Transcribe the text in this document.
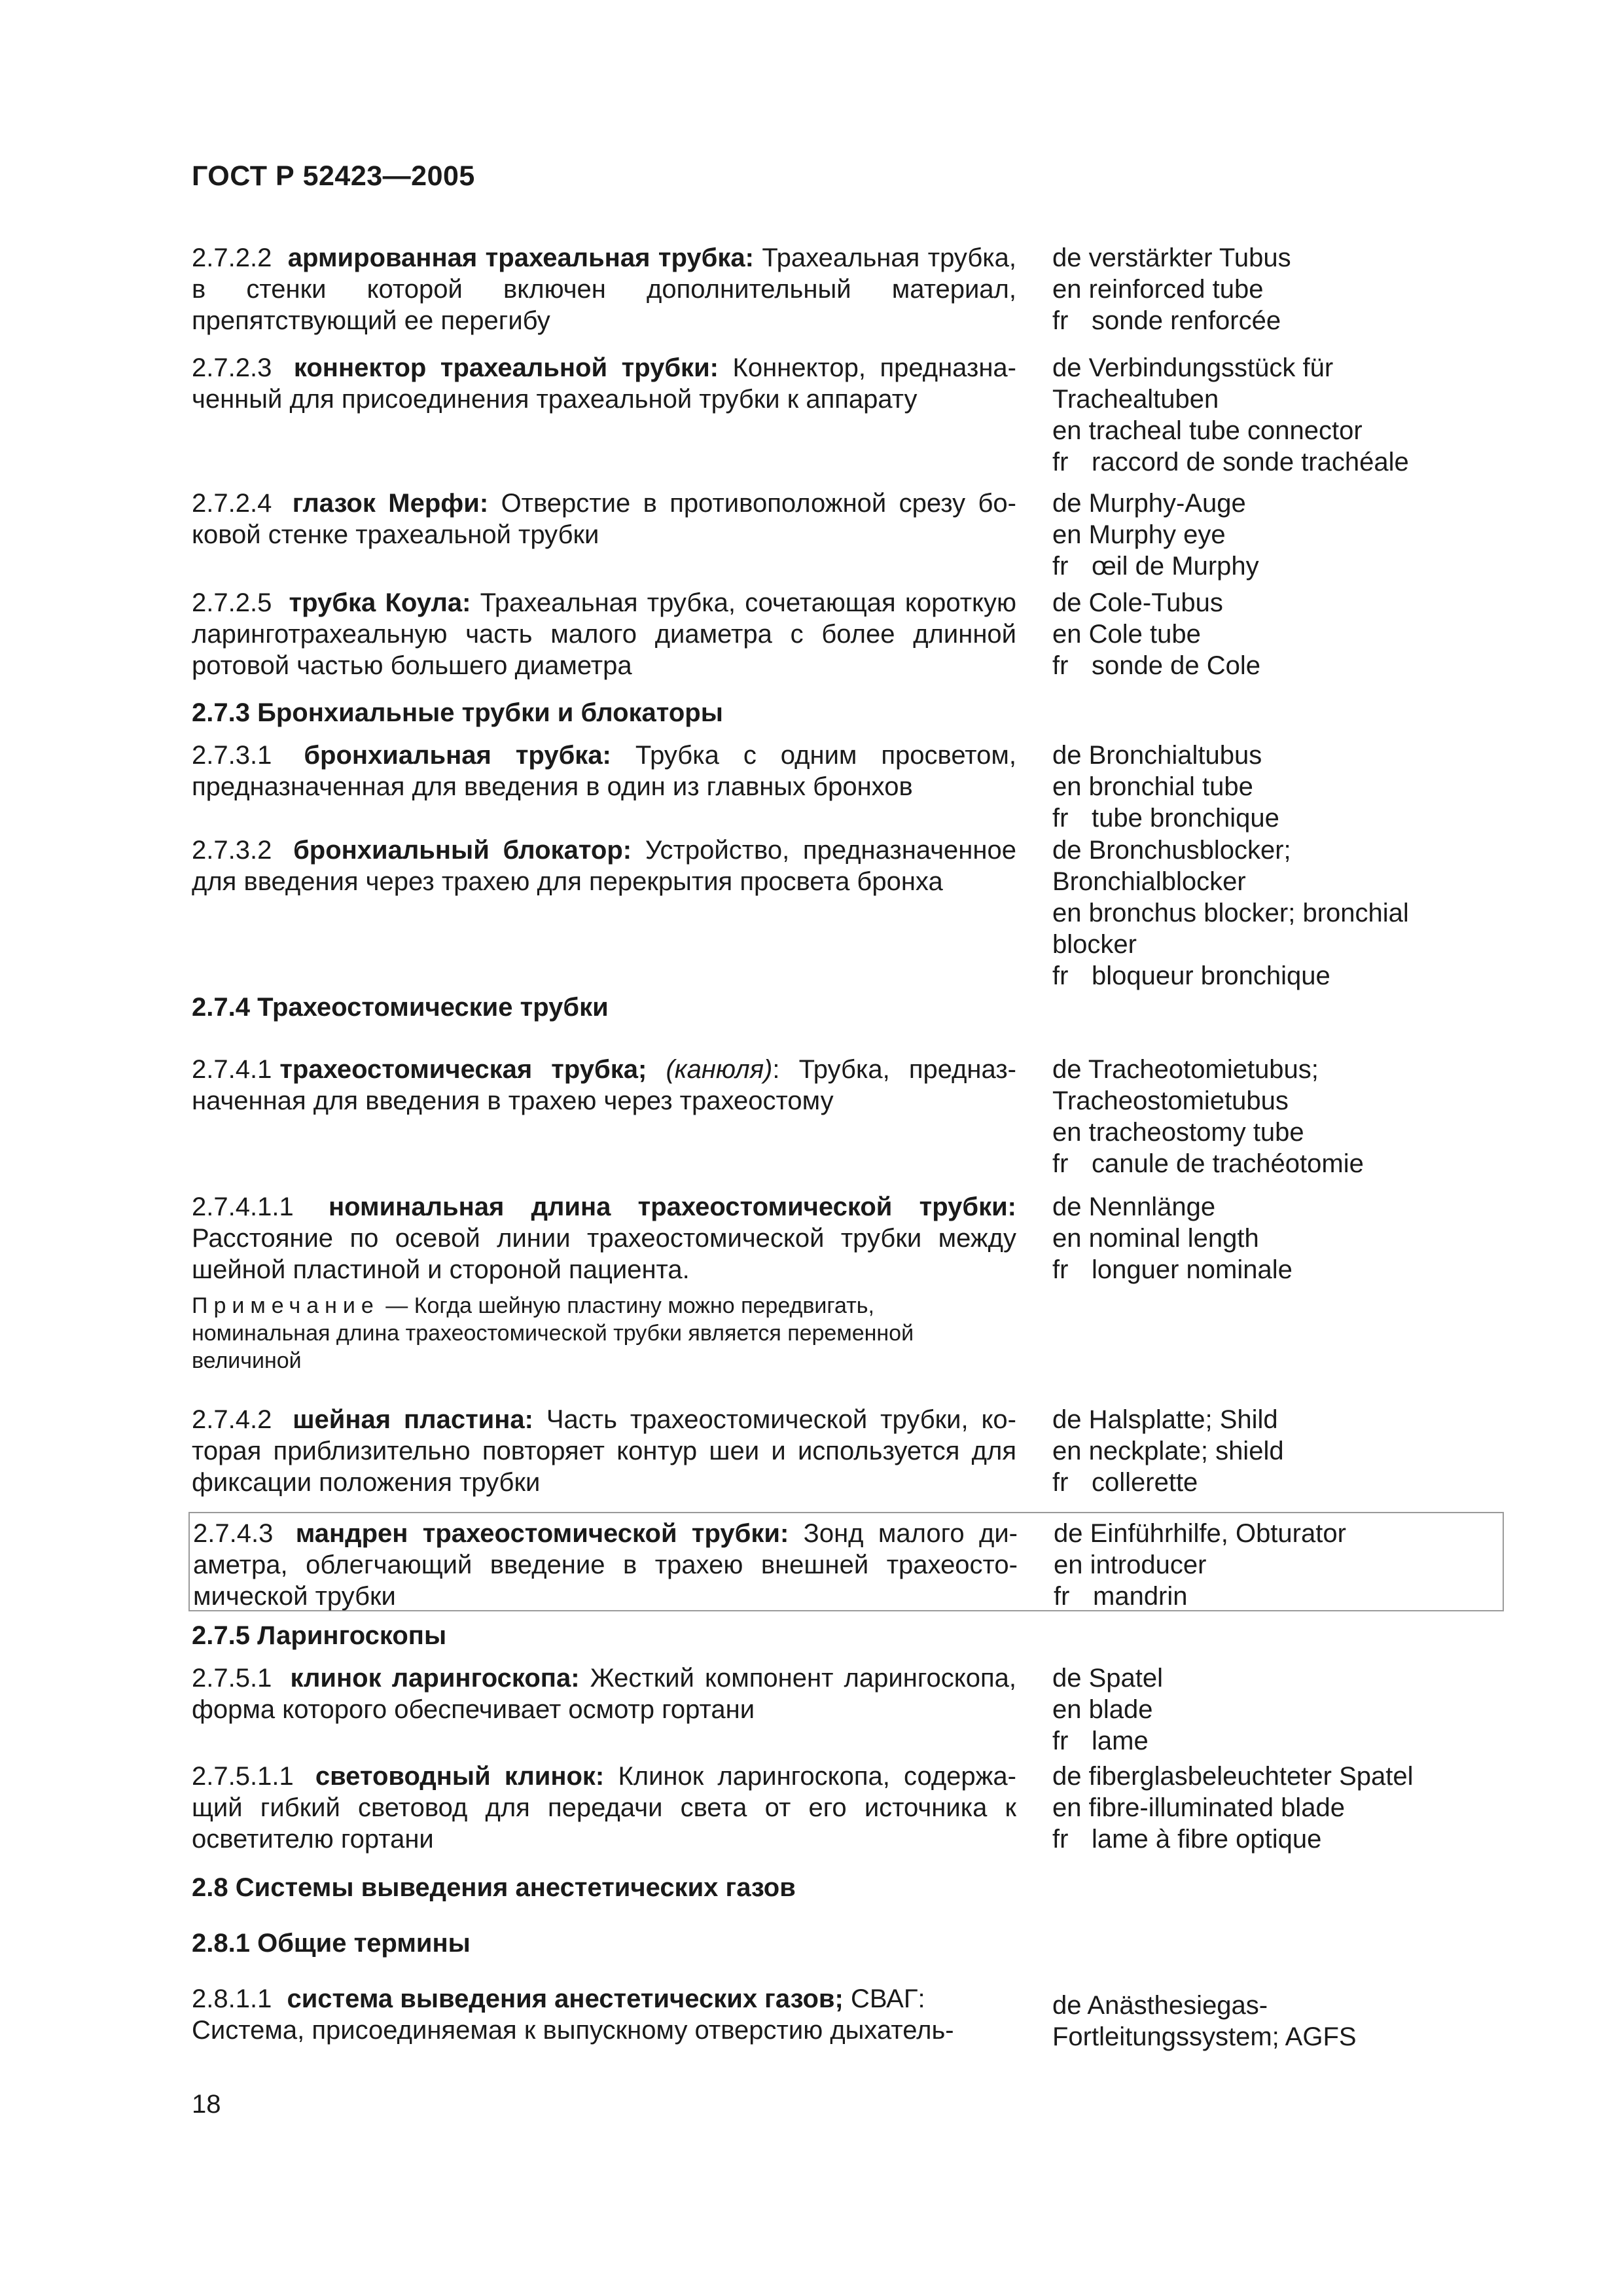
ГОСТ Р 52423—2005
2.7.2.2 армированная трахеальная трубка: Трахеальная трубка, в стенки которой включен дополнительный материал, препятствующий ее перегибу
de verstärkter Tubus
en reinforced tube
fr sonde renforcée
2.7.2.3 коннектор трахеальной трубки: Коннектор, предназначенный для присоединения трахеальной трубки к аппарату
de Verbindungsstück für
Trachealtuben
en tracheal tube connector
fr raccord de sonde trachéale
2.7.2.4 глазок Мерфи: Отверстие в противоположной срезу боковой стенке трахеальной трубки
de Murphy-Auge
en Murphy eye
fr œil de Murphy
2.7.2.5 трубка Коула: Трахеальная трубка, сочетающая короткую ларинготрахеальную часть малого диаметра с более длинной ротовой частью большего диаметра
de Cole-Tubus
en Cole tube
fr sonde de Cole
2.7.3 Бронхиальные трубки и блокаторы
2.7.3.1 бронхиальная трубка: Трубка с одним просветом, предназначенная для введения в один из главных бронхов
de Bronchialtubus
en bronchial tube
fr tube bronchique
2.7.3.2 бронхиальный блокатор: Устройство, предназначенное для введения через трахею для перекрытия просвета бронха
de Bronchusblocker;
Bronchialblocker
en bronchus blocker; bronchial
blocker
fr bloqueur bronchique
2.7.4 Трахеостомические трубки
2.7.4.1 трахеостомическая трубка; (канюля): Трубка, предназначенная для введения в трахею через трахеостому
de Tracheotomietubus;
Tracheostomietubus
en tracheostomy tube
fr canule de trachéotomie
2.7.4.1.1 номинальная длина трахеостомической трубки: Расстояние по осевой линии трахеостомической трубки между шейной пластиной и стороной пациента.
Примечание — Когда шейную пластину можно передвигать, номинальная длина трахеостомической трубки является переменной величиной
de Nennlänge
en nominal length
fr longuer nominale
2.7.4.2 шейная пластина: Часть трахеостомической трубки, которая приблизительно повторяет контур шеи и используется для фиксации положения трубки
de Halsplatte; Shild
en neckplate; shield
fr collerette
2.7.4.3 мандрен трахеостомической трубки: Зонд малого диаметра, облегчающий введение в трахею внешней трахеостомической трубки
de Einführhilfe, Obturator
en introducer
fr mandrin
2.7.5 Ларингоскопы
2.7.5.1 клинок ларингоскопа: Жесткий компонент ларингоскопа, форма которого обеспечивает осмотр гортани
de Spatel
en blade
fr lame
2.7.5.1.1 световодный клинок: Клинок ларингоскопа, содержащий гибкий световод для передачи света от его источника к осветителю гортани
de fiberglasbeleuchteter Spatel
en fibre-illuminated blade
fr lame à fibre optique
2.8 Системы выведения анестетических газов
2.8.1 Общие термины
2.8.1.1 система выведения анестетических газов; СВАГ: Система, присоединяемая к выпускному отверстию дыхатель-
de Anästhesiegas-
Fortleitungssystem; AGFS
18
